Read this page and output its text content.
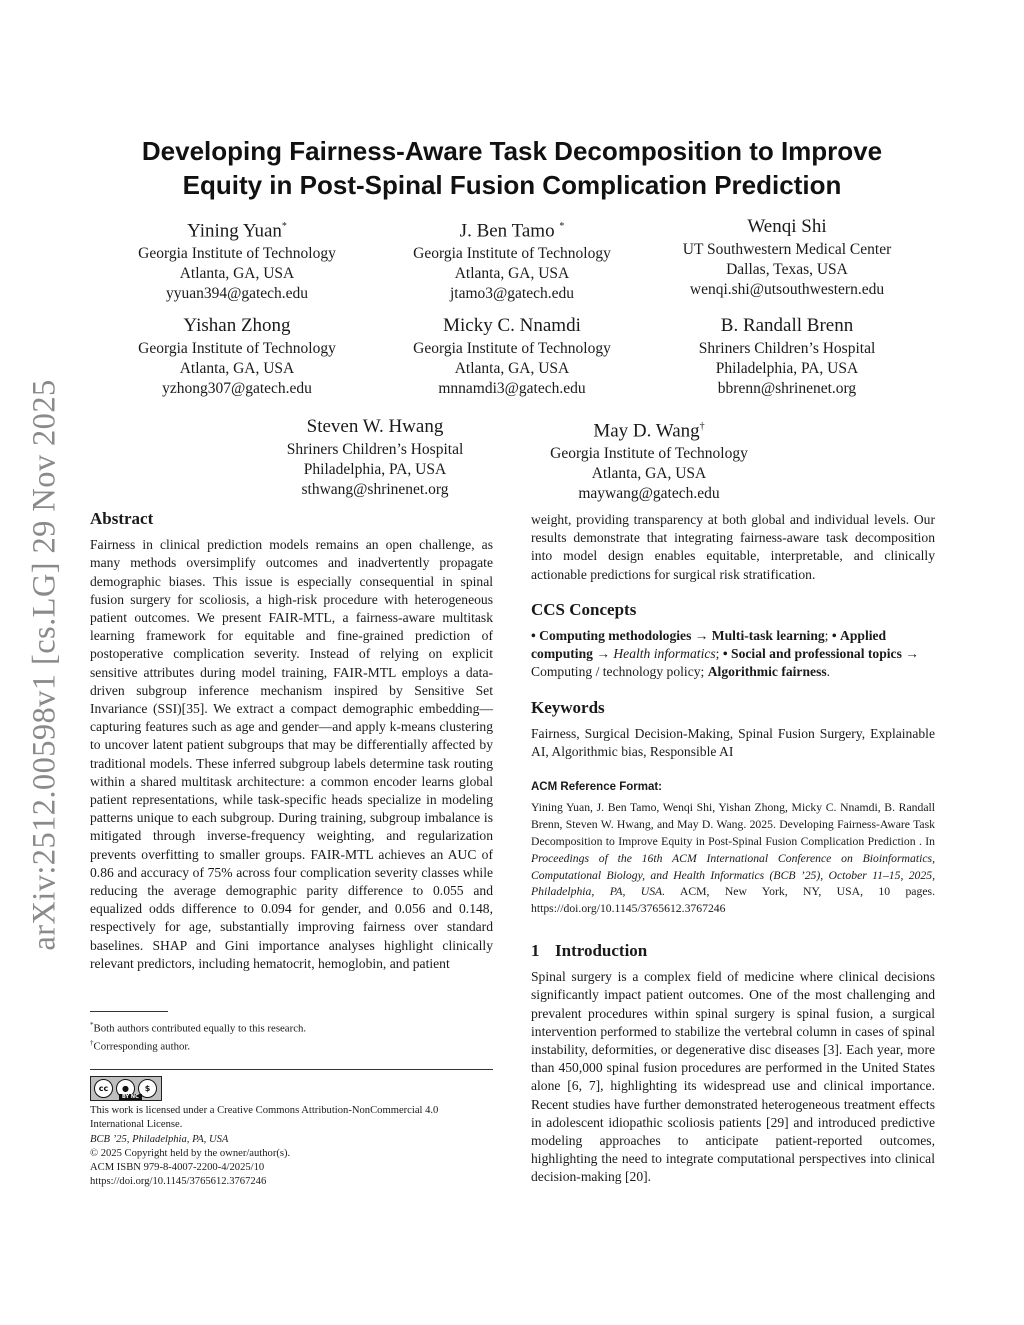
arXiv:2512.00598v1 [cs.LG] 29 Nov 2025
Developing Fairness-Aware Task Decomposition to Improve
Equity in Post-Spinal Fusion Complication Prediction
Yining Yuan*
Georgia Institute of Technology
Atlanta, GA, USA
yyuan394@gatech.edu
J. Ben Tamo *
Georgia Institute of Technology
Atlanta, GA, USA
jtamo3@gatech.edu
Wenqi Shi
UT Southwestern Medical Center
Dallas, Texas, USA
wenqi.shi@utsouthwestern.edu
Yishan Zhong
Georgia Institute of Technology
Atlanta, GA, USA
yzhong307@gatech.edu
Micky C. Nnamdi
Georgia Institute of Technology
Atlanta, GA, USA
mnnamdi3@gatech.edu
B. Randall Brenn
Shriners Children’s Hospital
Philadelphia, PA, USA
bbrenn@shrinenet.org
Steven W. Hwang
Shriners Children’s Hospital
Philadelphia, PA, USA
sthwang@shrinenet.org
May D. Wang†
Georgia Institute of Technology
Atlanta, GA, USA
maywang@gatech.edu
Abstract

Fairness in clinical prediction models remains an open challenge, as many methods oversimplify outcomes and inadvertently propagate demographic biases. This issue is especially consequential in spinal fusion surgery for scoliosis, a high-risk procedure with heterogeneous patient outcomes. We present FAIR-MTL, a fairness-aware multitask learning framework for equitable and fine-grained prediction of postoperative complication severity. Instead of relying on explicit sensitive attributes during model training, FAIR-MTL employs a data-driven subgroup inference mechanism inspired by Sensitive Set Invariance (SSI)[35]. We extract a compact demographic embedding—capturing features such as age and gender—and apply k-means clustering to uncover latent patient subgroups that may be differentially affected by traditional models. These inferred subgroup labels determine task routing within a shared multitask architecture: a common encoder learns global patient representations, while task-specific heads specialize in modeling patterns unique to each subgroup. During training, subgroup imbalance is mitigated through inverse-frequency weighting, and regularization prevents overfitting to smaller groups. FAIR-MTL achieves an AUC of 0.86 and accuracy of 75% across four complication severity classes while reducing the average demographic parity difference to 0.055 and equalized odds difference to 0.094 for gender, and 0.056 and 0.148, respectively for age, substantially improving fairness over standard baselines. SHAP and Gini importance analyses highlight clinically relevant predictors, including hematocrit, hemoglobin, and patient

*Both authors contributed equally to this research.
†Corresponding author.
cc	●	$
BY NC
This work is licensed under a Creative Commons Attribution-NonCommercial 4.0 International License.
BCB ’25, Philadelphia, PA, USA
© 2025 Copyright held by the owner/author(s).
ACM ISBN 979-8-4007-2200-4/2025/10
https://doi.org/10.1145/3765612.3767246

weight, providing transparency at both global and individual levels. Our results demonstrate that integrating fairness-aware task decomposition into model design enables equitable, interpretable, and clinically actionable predictions for surgical risk stratification.

CCS Concepts

• Computing methodologies → Multi-task learning; • Applied computing → Health informatics; • Social and professional topics → Computing / technology policy; Algorithmic fairness.

Keywords

Fairness, Surgical Decision-Making, Spinal Fusion Surgery, Explainable AI, Algorithmic bias, Responsible AI

ACM Reference Format:

Yining Yuan, J. Ben Tamo, Wenqi Shi, Yishan Zhong, Micky C. Nnamdi, B. Randall Brenn, Steven W. Hwang, and May D. Wang. 2025. Developing Fairness-Aware Task Decomposition to Improve Equity in Post-Spinal Fusion Complication Prediction . In Proceedings of the 16th ACM International Conference on Bioinformatics, Computational Biology, and Health Informatics (BCB ’25), October 11–15, 2025, Philadelphia, PA, USA. ACM, New York, NY, USA, 10 pages. https://doi.org/10.1145/3765612.3767246

1 Introduction

Spinal surgery is a complex field of medicine where clinical decisions significantly impact patient outcomes. One of the most challenging and prevalent procedures within spinal surgery is spinal fusion, a surgical intervention performed to stabilize the vertebral column in cases of spinal instability, deformities, or degenerative disc diseases [3]. Each year, more than 450,000 spinal fusion procedures are performed in the United States alone [6, 7], highlighting its widespread use and clinical importance. Recent studies have further demonstrated heterogeneous treatment effects in adolescent idiopathic scoliosis patients [29] and introduced predictive modeling approaches to anticipate patient-reported outcomes, highlighting the need to integrate computational perspectives into clinical decision-making [20].
